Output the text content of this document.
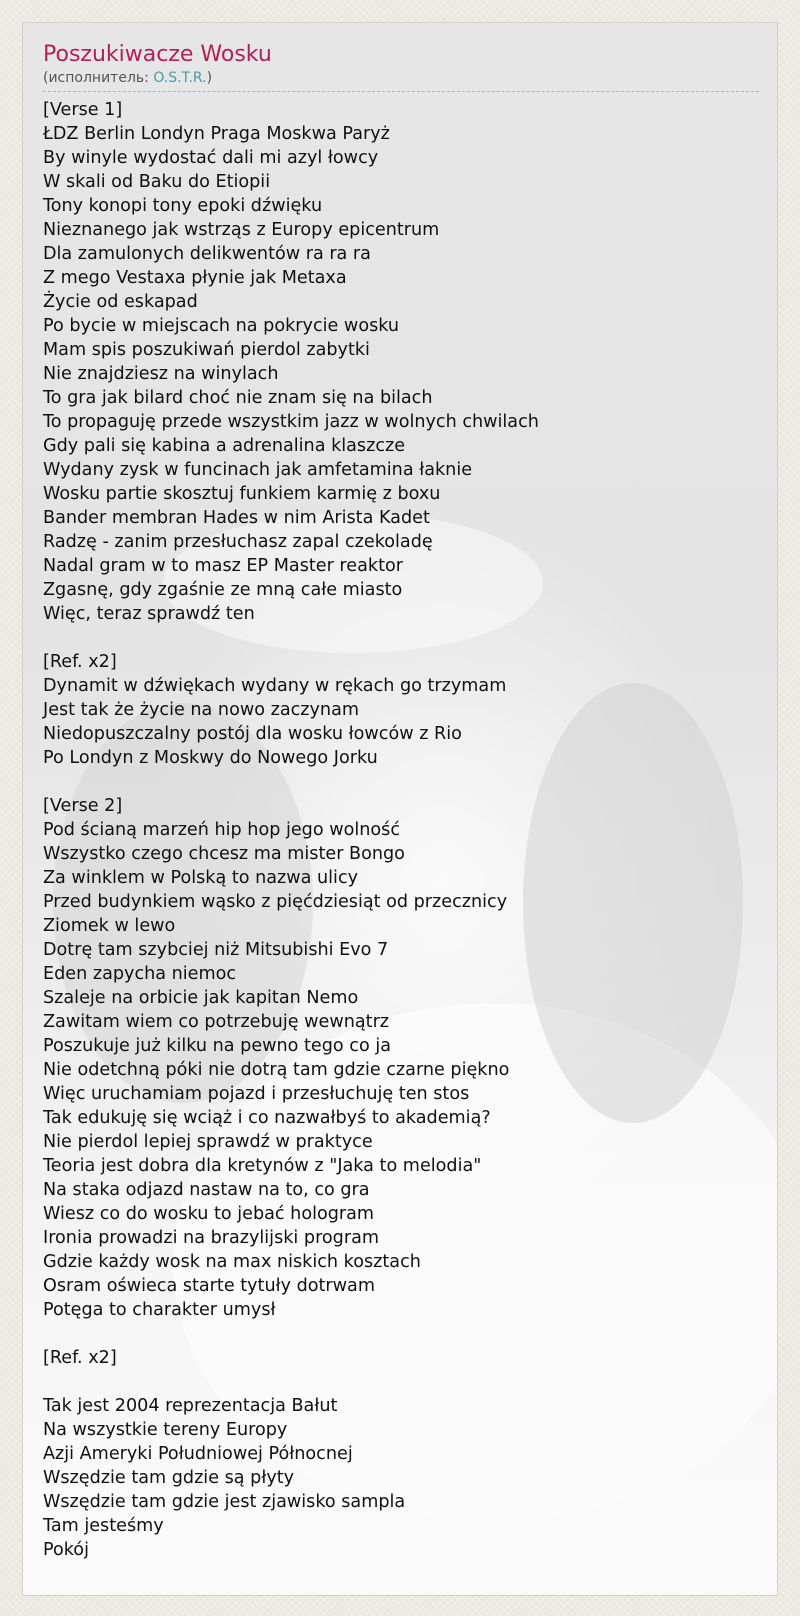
Poszukiwacze Wosku
(исполнитель: O.S.T.R.)
[Verse 1]
ŁDZ Berlin Londyn Praga Moskwa Paryż
By winyle wydostać dali mi azyl łowcy
W skali od Baku do Etiopii
Tony konopi tony epoki dźwięku
Nieznanego jak wstrząs z Europy epicentrum
Dla zamulonych delikwentów ra ra ra
Z mego Vestaxa płynie jak Metaxa
Życie od eskapad
Po bycie w miejscach na pokrycie wosku
Mam spis poszukiwań pierdol zabytki
Nie znajdziesz na winylach
To gra jak bilard choć nie znam się na bilach
To propaguję przede wszystkim jazz w wolnych chwilach
Gdy pali się kabina a adrenalina klaszcze
Wydany zysk w funcinach jak amfetamina łaknie
Wosku partie skosztuj funkiem karmię z boxu
Bander membran Hades w nim Arista Kadet
Radzę - zanim przesłuchasz zapal czekoladę
Nadal gram w to masz EP Master reaktor
Zgasnę, gdy zgaśnie ze mną całe miasto
Więc, teraz sprawdź ten
[Ref. x2]
Dynamit w dźwiękach wydany w rękach go trzymam
Jest tak że życie na nowo zaczynam
Niedopuszczalny postój dla wosku łowców z Rio
Po Londyn z Moskwy do Nowego Jorku
[Verse 2]
Pod ścianą marzeń hip hop jego wolność
Wszystko czego chcesz ma mister Bongo
Za winklem w Polską to nazwa ulicy
Przed budynkiem wąsko z pięćdziesiąt od przecznicy
Ziomek w lewo
Dotrę tam szybciej niż Mitsubishi Evo 7
Eden zapycha niemoc
Szaleje na orbicie jak kapitan Nemo
Zawitam wiem co potrzebuję wewnątrz
Poszukuje już kilku na pewno tego co ja
Nie odetchną póki nie dotrą tam gdzie czarne piękno
Więc uruchamiam pojazd i przesłuchuję ten stos
Tak edukuję się wciąż i co nazwałbyś to akademią?
Nie pierdol lepiej sprawdź w praktyce
Teoria jest dobra dla kretynów z "Jaka to melodia"
Na staka odjazd nastaw na to, co gra
Wiesz co do wosku to jebać hologram
Ironia prowadzi na brazylijski program
Gdzie każdy wosk na max niskich kosztach
Osram oświeca starte tytuły dotrwam
Potęga to charakter umysł
[Ref. x2]
Tak jest 2004 reprezentacja Bałut
Na wszystkie tereny Europy
Azji Ameryki Południowej Północnej
Wszędzie tam gdzie są płyty
Wszędzie tam gdzie jest zjawisko sampla
Tam jesteśmy
Pokój
